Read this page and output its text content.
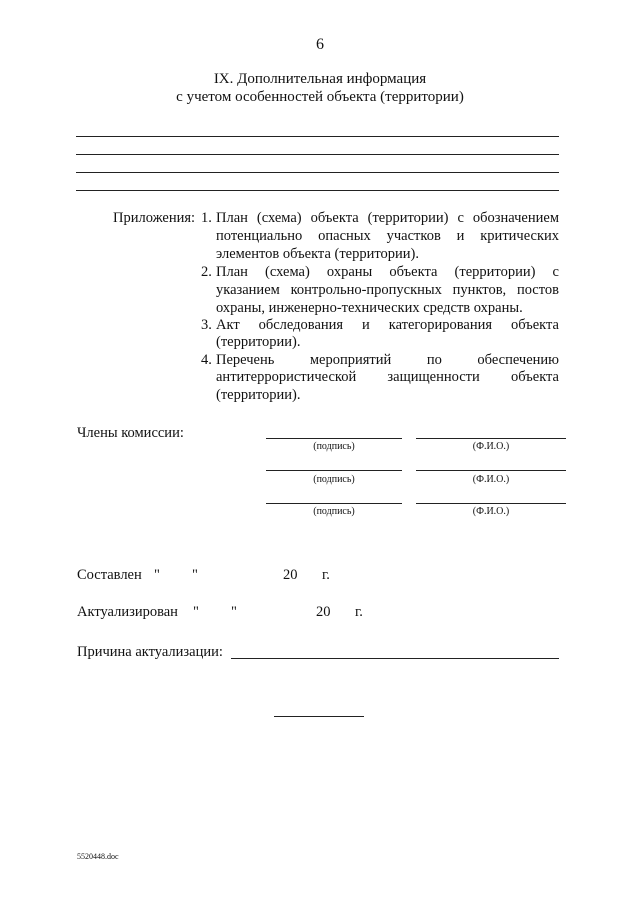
6
IX. Дополнительная информация
с учетом особенностей объекта (территории)
Приложения: 1. План (схема) объекта (территории) с обозначением
потенциально опасных участков и критических
элементов объекта (территории).
2. План (схема) охраны объекта (территории) с
указанием контрольно-пропускных пунктов, постов
охраны, инженерно-технических средств охраны.
3. Акт обследования и категорирования объекта
(территории).
4. Перечень мероприятий по обеспечению
антитеррористической защищенности объекта
(территории).
Члены комиссии:
(подпись)	(Ф.И.О.)
(подпись)	(Ф.И.О.)
(подпись)	(Ф.И.О.)
Составлен " "	20 г.
Актуализирован " "	20 г.
Причина актуализации:
5520448.doc
